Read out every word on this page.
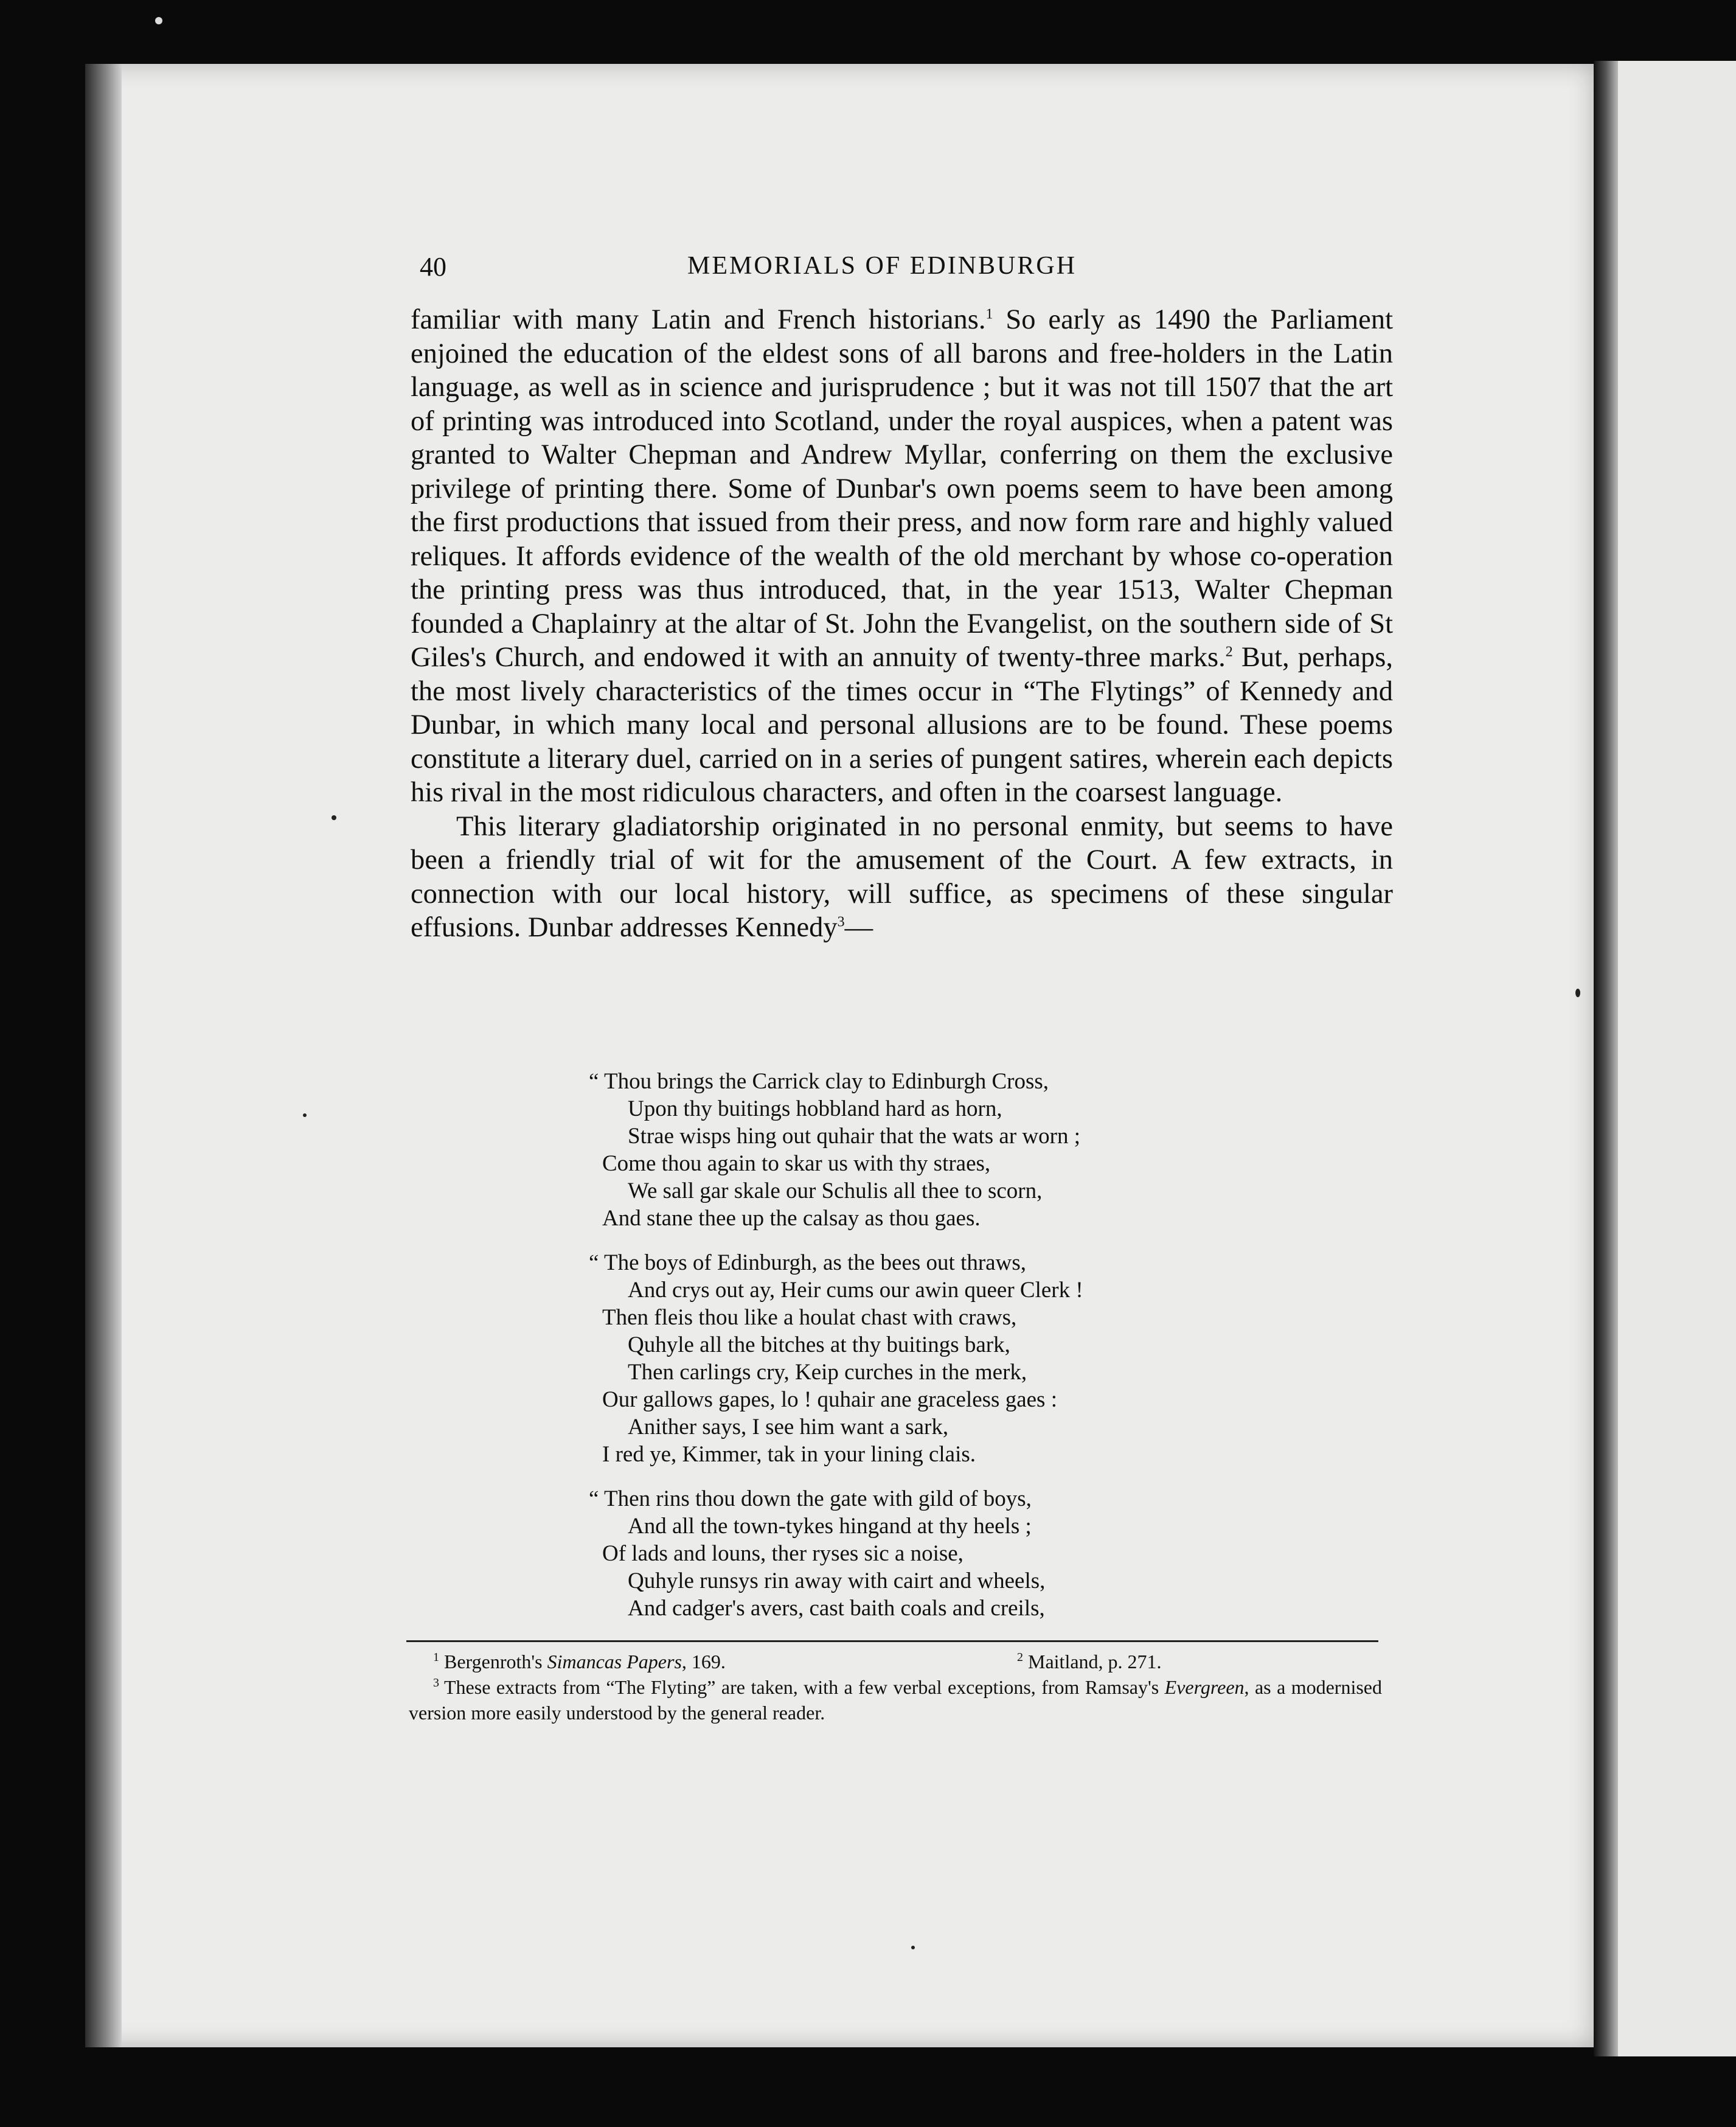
40	MEMORIALS OF EDINBURGH

familiar with many Latin and French historians.$^1$ So early as 1490 the Parliament enjoined the education of the eldest sons of all barons and free-holders in the Latin language, as well as in science and jurisprudence ; but it was not till 1507 that the art of printing was introduced into Scotland, under the royal auspices, when a patent was granted to Walter Chepman and Andrew Myllar, conferring on them the exclusive privilege of printing there. Some of Dunbar's own poems seem to have been among the first productions that issued from their press, and now form rare and highly valued reliques. It affords evidence of the wealth of the old merchant by whose co-operation the printing press was thus introduced, that, in the year 1513, Walter Chepman founded a Chaplainry at the altar of St. John the Evangelist, on the southern side of St Giles's Church, and endowed it with an annuity of twenty-three marks.$^2$ But, perhaps, the most lively characteristics of the times occur in “The Flytings” of Kennedy and Dunbar, in which many local and personal allusions are to be found. These poems constitute a literary duel, carried on in a series of pungent satires, wherein each depicts his rival in the most ridiculous characters, and often in the coarsest language.

This literary gladiatorship originated in no personal enmity, but seems to have been a friendly trial of wit for the amusement of the Court. A few extracts, in connection with our local history, will suffice, as specimens of these singular effusions. Dunbar addresses Kennedy$^3$—

“ Thou brings the Carrick clay to Edinburgh Cross,
Upon thy buitings hobbland hard as horn,
Strae wisps hing out quhair that the wats ar worn ;
Come thou again to skar us with thy straes,
We sall gar skale our Schulis all thee to scorn,
And stane thee up the calsay as thou gaes.
“ The boys of Edinburgh, as the bees out thraws,
And crys out ay, Heir cums our awin queer Clerk !
Then fleis thou like a houlat chast with craws,
Quhyle all the bitches at thy buitings bark,
Then carlings cry, Keip curches in the merk,
Our gallows gapes, lo ! quhair ane graceless gaes :
Anither says, I see him want a sark,
I red ye, Kimmer, tak in your lining clais.
“ Then rins thou down the gate with gild of boys,
And all the town-tykes hingand at thy heels ;
Of lads and louns, ther ryses sic a noise,
Quhyle runsys rin away with cairt and wheels,
And cadger's avers, cast baith coals and creils,
$^1$ Bergenroth's Simancas Papers, 169.	$^2$ Maitland, p. 271.
$^3$ These extracts from “The Flyting” are taken, with a few verbal exceptions, from Ramsay's Evergreen, as a modernised version more easily understood by the general reader.
